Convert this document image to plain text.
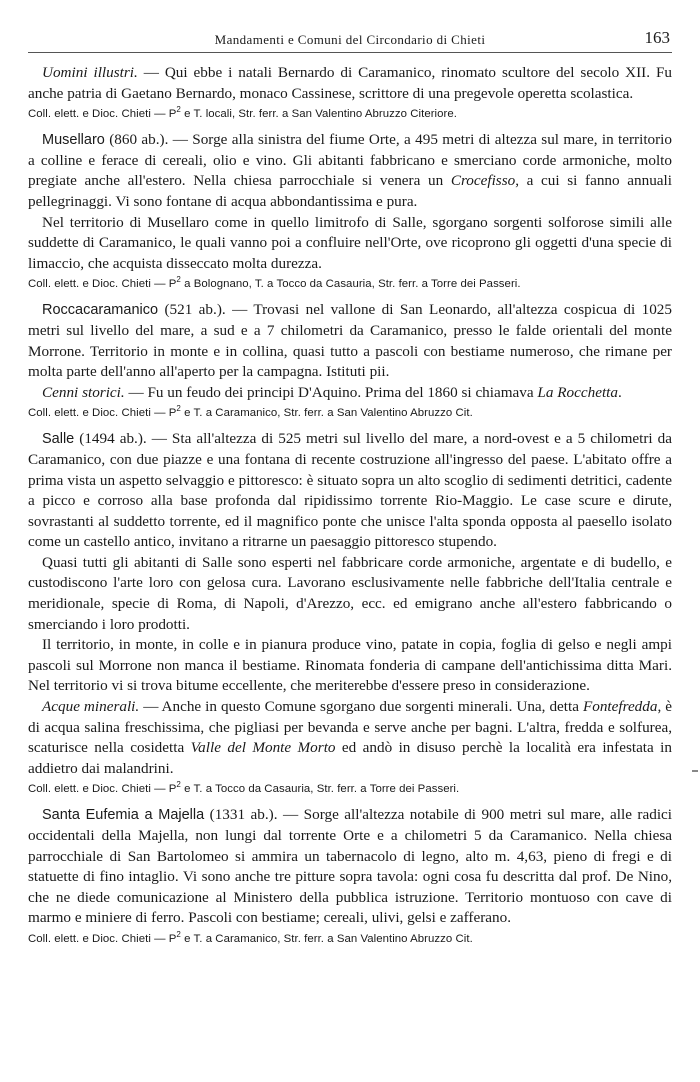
Mandamenti e Comuni del Circondario di Chieti	163

Uomini illustri. — Qui ebbe i natali Bernardo di Caramanico, rinomato scultore del secolo XII. Fu anche patria di Gaetano Bernardo, monaco Cassinese, scrittore di una pregevole operetta scolastica.

Coll. elett. e Dioc. Chieti — $P^2$ e T. locali, Str. ferr. a San Valentino Abruzzo Citeriore.

Musellaro (860 ab.). — Sorge alla sinistra del fiume Orte, a 495 metri di altezza sul mare, in territorio a colline e ferace di cereali, olio e vino. Gli abitanti fabbricano e smerciano corde armoniche, molto pregiate anche all'estero. Nella chiesa parrocchiale si venera un Crocefisso, a cui si fanno annuali pellegrinaggi. Vi sono fontane di acqua abbondantissima e pura.

Nel territorio di Musellaro come in quello limitrofo di Salle, sgorgano sorgenti solforose simili alle suddette di Caramanico, le quali vanno poi a confluire nell'Orte, ove ricoprono gli oggetti d'una specie di limaccio, che acquista disseccato molta durezza.

Coll. elett. e Dioc. Chieti — $P^2$ a Bolognano, T. a Tocco da Casauria, Str. ferr. a Torre dei Passeri.

Roccacaramanico (521 ab.). — Trovasi nel vallone di San Leonardo, all'altezza cospicua di 1025 metri sul livello del mare, a sud e a 7 chilometri da Caramanico, presso le falde orientali del monte Morrone. Territorio in monte e in collina, quasi tutto a pascoli con bestiame numeroso, che rimane per molta parte dell'anno all'aperto per la campagna. Istituti pii.

Cenni storici. — Fu un feudo dei principi D'Aquino. Prima del 1860 si chiamava La Rocchetta.

Coll. elett. e Dioc. Chieti — $P^2$ e T. a Caramanico, Str. ferr. a San Valentino Abruzzo Cit.

Salle (1494 ab.). — Sta all'altezza di 525 metri sul livello del mare, a nord-ovest e a 5 chilometri da Caramanico, con due piazze e una fontana di recente costruzione all'ingresso del paese. L'abitato offre a prima vista un aspetto selvaggio e pittoresco: è situato sopra un alto scoglio di sedimenti detritici, cadente a picco e corroso alla base profonda dal ripidissimo torrente Rio-Maggio. Le case scure e dirute, sovrastanti al suddetto torrente, ed il magnifico ponte che unisce l'alta sponda opposta al paesello isolato come un castello antico, invitano a ritrarne un paesaggio pittoresco stupendo.

Quasi tutti gli abitanti di Salle sono esperti nel fabbricare corde armoniche, argentate e di budello, e custodiscono l'arte loro con gelosa cura. Lavorano esclusivamente nelle fabbriche dell'Italia centrale e meridionale, specie di Roma, di Napoli, d'Arezzo, ecc. ed emigrano anche all'estero fabbricando o smerciando i loro prodotti.

Il territorio, in monte, in colle e in pianura produce vino, patate in copia, foglia di gelso e negli ampi pascoli sul Morrone non manca il bestiame. Rinomata fonderia di campane dell'antichissima ditta Mari. Nel territorio vi si trova bitume eccellente, che meriterebbe d'essere preso in considerazione.

Acque minerali. — Anche in questo Comune sgorgano due sorgenti minerali. Una, detta Fontefredda, è di acqua salina freschissima, che pigliasi per bevanda e serve anche per bagni. L'altra, fredda e solfurea, scaturisce nella cosidetta Valle del Monte Morto ed andò in disuso perchè la località era infestata in addietro dai malandrini.

Coll. elett. e Dioc. Chieti — $P^2$ e T. a Tocco da Casauria, Str. ferr. a Torre dei Passeri.

Santa Eufemia a Majella (1331 ab.). — Sorge all'altezza notabile di 900 metri sul mare, alle radici occidentali della Majella, non lungi dal torrente Orte e a chilometri 5 da Caramanico. Nella chiesa parrocchiale di San Bartolomeo si ammira un tabernacolo di legno, alto m. 4,63, pieno di fregi e di statuette di fino intaglio. Vi sono anche tre pitture sopra tavola: ogni cosa fu descritta dal prof. De Nino, che ne diede comunicazione al Ministero della pubblica istruzione. Territorio montuoso con cave di marmo e miniere di ferro. Pascoli con bestiame; cereali, ulivi, gelsi e zafferano.

Coll. elett. e Dioc. Chieti — $P^2$ e T. a Caramanico, Str. ferr. a San Valentino Abruzzo Cit.
